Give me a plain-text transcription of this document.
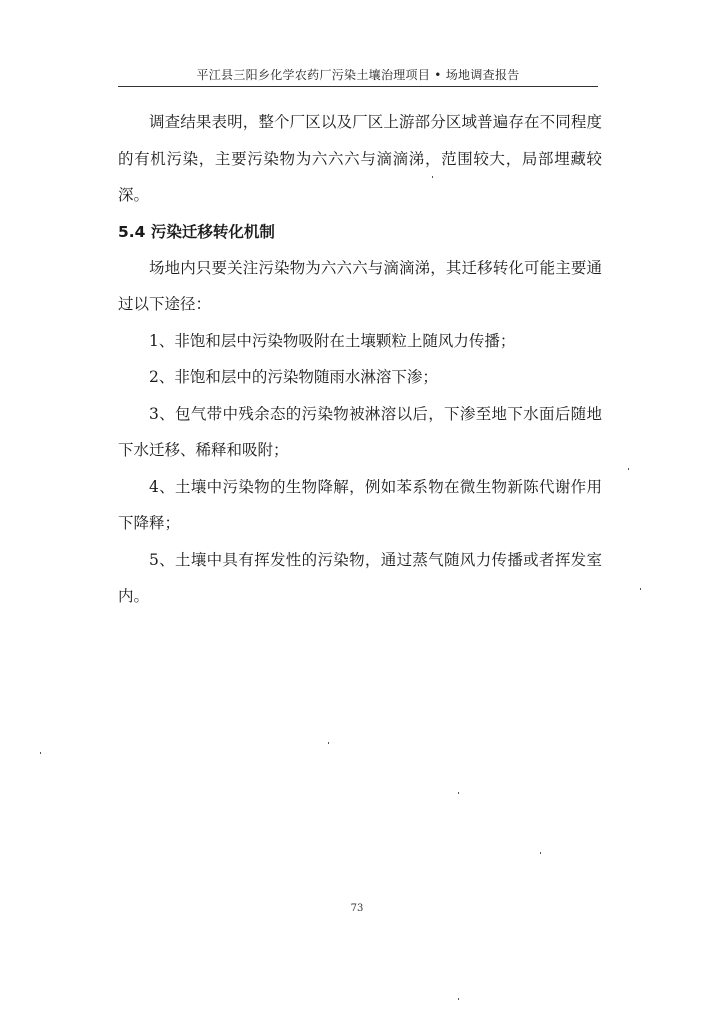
平江县三阳乡化学农药厂污染土壤治理项目 • 场地调查报告

调查结果表明，整个厂区以及厂区上游部分区域普遍存在不同程度的有机污染，主要污染物为六六六与滴滴涕，范围较大，局部埋藏较深。

5.4 污染迁移转化机制

场地内只要关注污染物为六六六与滴滴涕，其迁移转化可能主要通过以下途径：

1、非饱和层中污染物吸附在土壤颗粒上随风力传播；

2、非饱和层中的污染物随雨水淋溶下渗；

3、包气带中残余态的污染物被淋溶以后，下渗至地下水面后随地下水迁移、稀释和吸附；

4、土壤中污染物的生物降解，例如苯系物在微生物新陈代谢作用下降释；

5、土壤中具有挥发性的污染物，通过蒸气随风力传播或者挥发室内。

73
